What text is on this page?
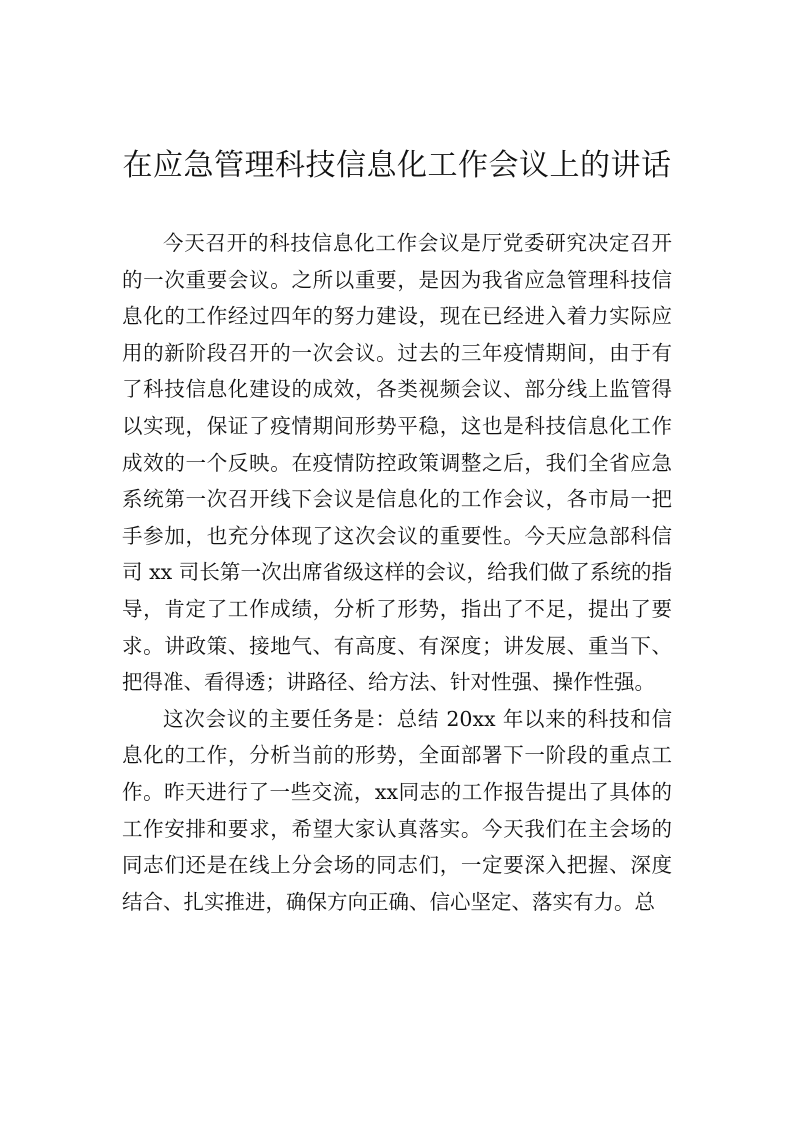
在应急管理科技信息化工作会议上的讲话

今天召开的科技信息化工作会议是厅党委研究决定召开的一次重要会议。之所以重要，是因为我省应急管理科技信息化的工作经过四年的努力建设，现在已经进入着力实际应用的新阶段召开的一次会议。过去的三年疫情期间，由于有了科技信息化建设的成效，各类视频会议、部分线上监管得以实现，保证了疫情期间形势平稳，这也是科技信息化工作成效的一个反映。在疫情防控政策调整之后，我们全省应急系统第一次召开线下会议是信息化的工作会议，各市局一把手参加，也充分体现了这次会议的重要性。今天应急部科信司 xx 司长第一次出席省级这样的会议，给我们做了系统的指导，肯定了工作成绩，分析了形势，指出了不足，提出了要求。讲政策、接地气、有高度、有深度；讲发展、重当下、把得准、看得透；讲路径、给方法、针对性强、操作性强。

这次会议的主要任务是：总结 20xx 年以来的科技和信息化的工作，分析当前的形势，全面部署下一阶段的重点工作。昨天进行了一些交流，xx同志的工作报告提出了具体的工作安排和要求，希望大家认真落实。今天我们在主会场的同志们还是在线上分会场的同志们，一定要深入把握、深度结合、扎实推进，确保方向正确、信心坚定、落实有力。总
